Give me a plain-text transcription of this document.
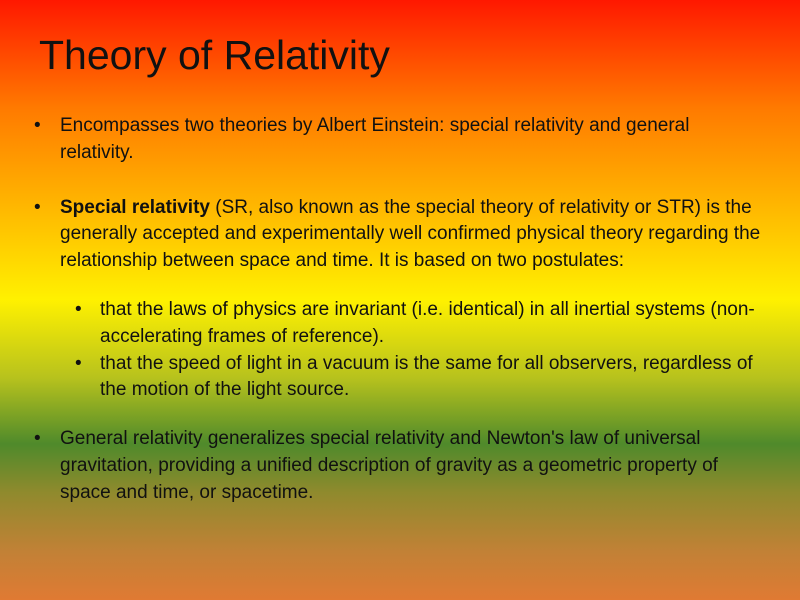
Theory of Relativity

• Encompasses two theories by Albert Einstein: special relativity and general relativity.

• Special relativity (SR, also known as the special theory of relativity or STR) is the generally accepted and experimentally well confirmed physical theory regarding the relationship between space and time. It is based on two postulates:

• that the laws of physics are invariant (i.e. identical) in all inertial systems (non-accelerating frames of reference).

• that the speed of light in a vacuum is the same for all observers, regardless of the motion of the light source.

• General relativity generalizes special relativity and Newton's law of universal gravitation, providing a unified description of gravity as a geometric property of space and time, or spacetime.
